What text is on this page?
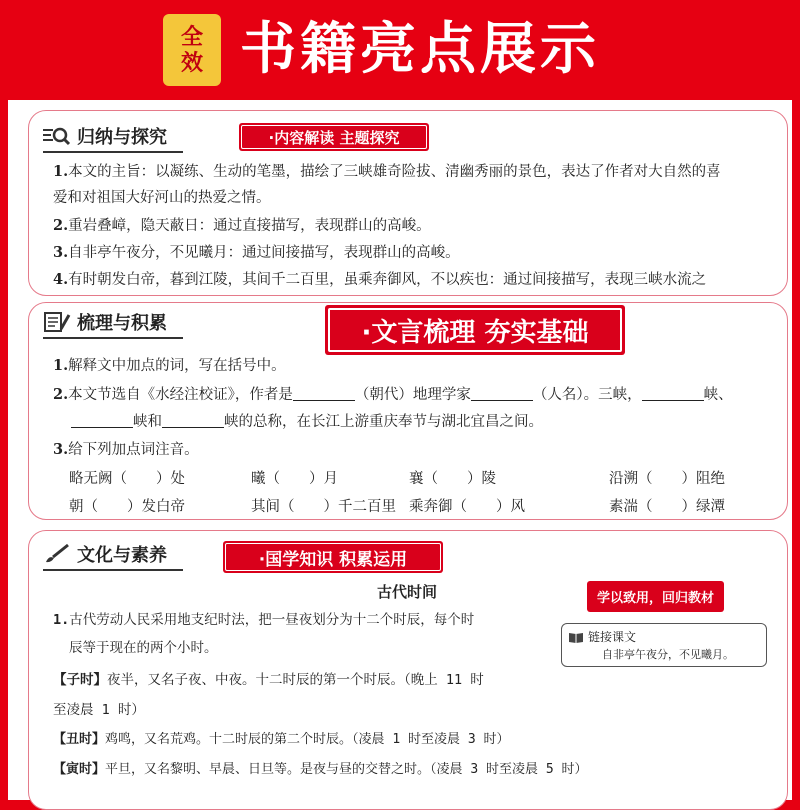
全
效 书籍亮点展示
归纳与探究	·内容解读 主题探究
1.本文的主旨：以凝练、生动的笔墨，描绘了三峡雄奇险拔、清幽秀丽的景色，表达了作者对大自然的喜
爱和对祖国大好河山的热爱之情。
2.重岩叠嶂，隐天蔽日：通过直接描写，表现群山的高峻。
3.自非亭午夜分，不见曦月：通过间接描写，表现群山的高峻。
4.有时朝发白帝，暮到江陵，其间千二百里，虽乘奔御风，不以疾也：通过间接描写，表现三峡水流之
梳理与积累	·文言梳理 夯实基础
1.解释文中加点的词，写在括号中。
2.本文节选自《水经注校证》，作者是	（朝代）地理学家	（人名）。三峡，	峡、
峡和	峡的总称，在长江上游重庆奉节与湖北宜昌之间。
3.给下列加点词注音。
略无阙（　　）处	曦（　　）月	襄（　　）陵	沿溯（　　）阻绝
朝（　　）发白帝	其间（　　）千二百里 乘奔御（　　）风	素湍（　　）绿潭
文化与素养	·国学知识 积累运用
古代时间	学以致用，回归教材
链接课文
自非亭午夜分，不见曦月。
1.古代劳动人民采用地支纪时法，把一昼夜划分为十二个时辰，每个时
辰等于现在的两个小时。
【子时】夜半，又名子夜、中夜。十二时辰的第一个时辰。（晚上 11 时
至凌晨 1 时）
【丑时】鸡鸣，又名荒鸡。十二时辰的第二个时辰。（凌晨 1 时至凌晨 3 时）
【寅时】平旦，又名黎明、早晨、日旦等。是夜与昼的交替之时。（凌晨 3 时至凌晨 5 时）
